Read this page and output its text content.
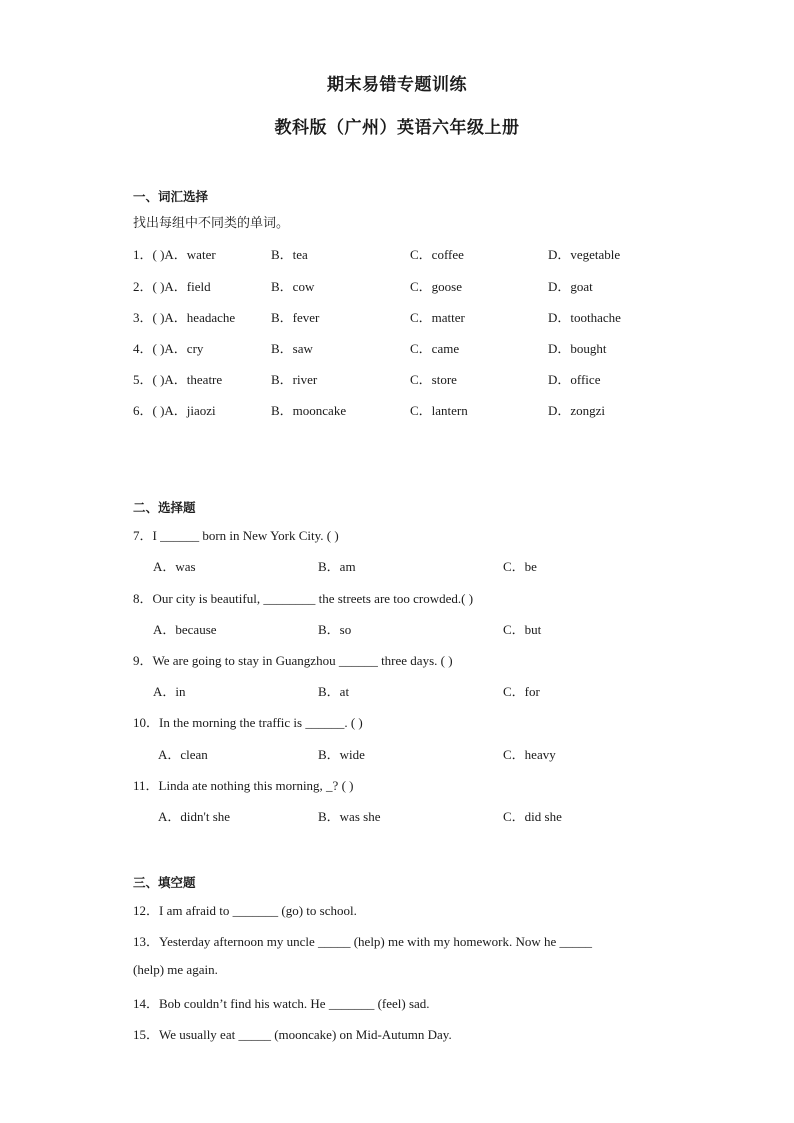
期末易错专题训练
教科版（广州）英语六年级上册
一、词汇选择
找出每组中不同类的单词。
1．( )A．water	B．tea	C．coffee	D．vegetable
2．( )A．field	B．cow	C．goose	D．goat
3．( )A．headache	B．fever	C．matter	D．toothache
4．( )A．cry	B．saw	C．came	D．bought
5．( )A．theatre	B．river	C．store	D．office
6．( )A．jiaozi	B．mooncake	C．lantern	D．zongzi
二、选择题
7．I ______ born in New York City. ( )
A．was	B．am	C．be
8．Our city is beautiful, ________ the streets are too crowded.( )
A．because	B．so	C．but
9．We are going to stay in Guangzhou ______ three days. ( )
A．in	B．at	C．for
10．In the morning the traffic is ______. ( )
A．clean	B．wide	C．heavy
11．Linda ate nothing this morning, _? ( )
A．didn't she	B．was she	C．did she
三、填空题
12．I am afraid to _______ (go) to school.
13．Yesterday afternoon my uncle _____ (help) me with my homework. Now he _____
(help) me again.
14．Bob couldn’t find his watch. He _______ (feel) sad.
15．We usually eat _____ (mooncake) on Mid-Autumn Day.
